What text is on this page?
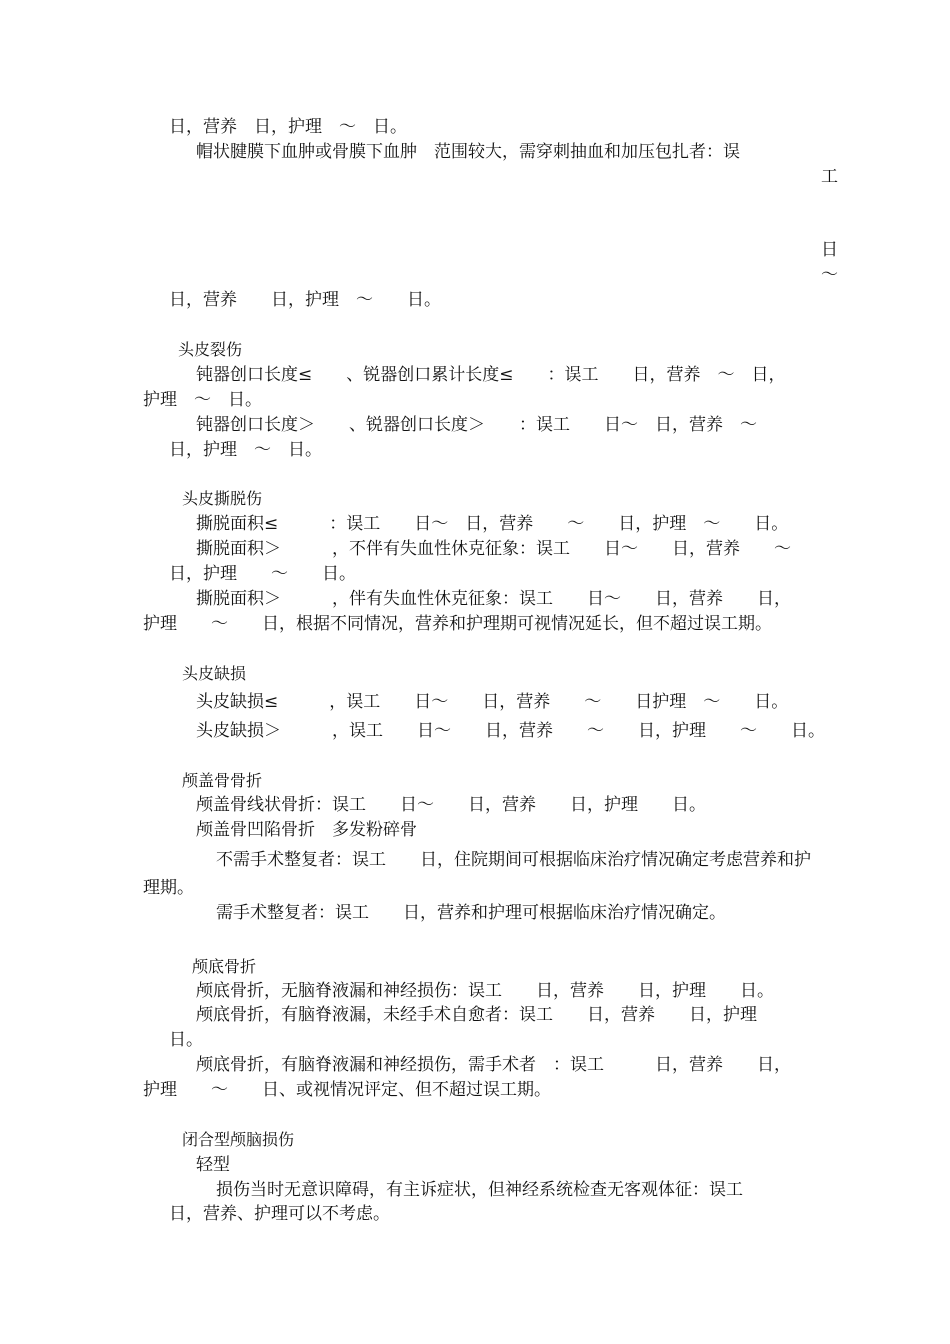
日，营养　日，护理　～　日。
帽状腱膜下血肿或骨膜下血肿　范围较大，需穿刺抽血和加压包扎者：误
工
日
～
日，营养　　日，护理　～　　日。
头皮裂伤
钝器创口长度≤　　、锐器创口累计长度≤　　：误工　　日，营养　～　日，
护理　～　日。
钝器创口长度＞　　、锐器创口长度＞　　：误工　　日～　日，营养　～
日，护理　～　日。
头皮撕脱伤
撕脱面积≤　　　：误工　　日～　日，营养　　～　　日，护理　～　　日。
撕脱面积＞　　　，不伴有失血性休克征象：误工　　日～　　日，营养　　～
日，护理　　～　　日。
撕脱面积＞　　　，伴有失血性休克征象：误工　　日～　　日，营养　　日，
护理　　～　　日，根据不同情况，营养和护理期可视情况延长，但不超过误工期。
头皮缺损
头皮缺损≤　　　，误工　　日～　　日，营养　　～　　日护理　～　　日。
头皮缺损＞　　　，误工　　日～　　日，营养　　～　　日，护理　　～　　日。
颅盖骨骨折
颅盖骨线状骨折：误工　　日～　　日，营养　　日，护理　　日。
颅盖骨凹陷骨折　多发粉碎骨
不需手术整复者：误工　　日，住院期间可根据临床治疗情况确定考虑营养和护
理期。
需手术整复者：误工　　日，营养和护理可根据临床治疗情况确定。
颅底骨折
颅底骨折，无脑脊液漏和神经损伤：误工　　日，营养　　日，护理　　日。
颅底骨折，有脑脊液漏，未经手术自愈者：误工　　日，营养　　日，护理
日。
颅底骨折，有脑脊液漏和神经损伤，需手术者　：误工　　　日，营养　　日，
护理　　～　　日、或视情况评定、但不超过误工期。
闭合型颅脑损伤
轻型
损伤当时无意识障碍，有主诉症状，但神经系统检查无客观体征：误工
日，营养、护理可以不考虑。
